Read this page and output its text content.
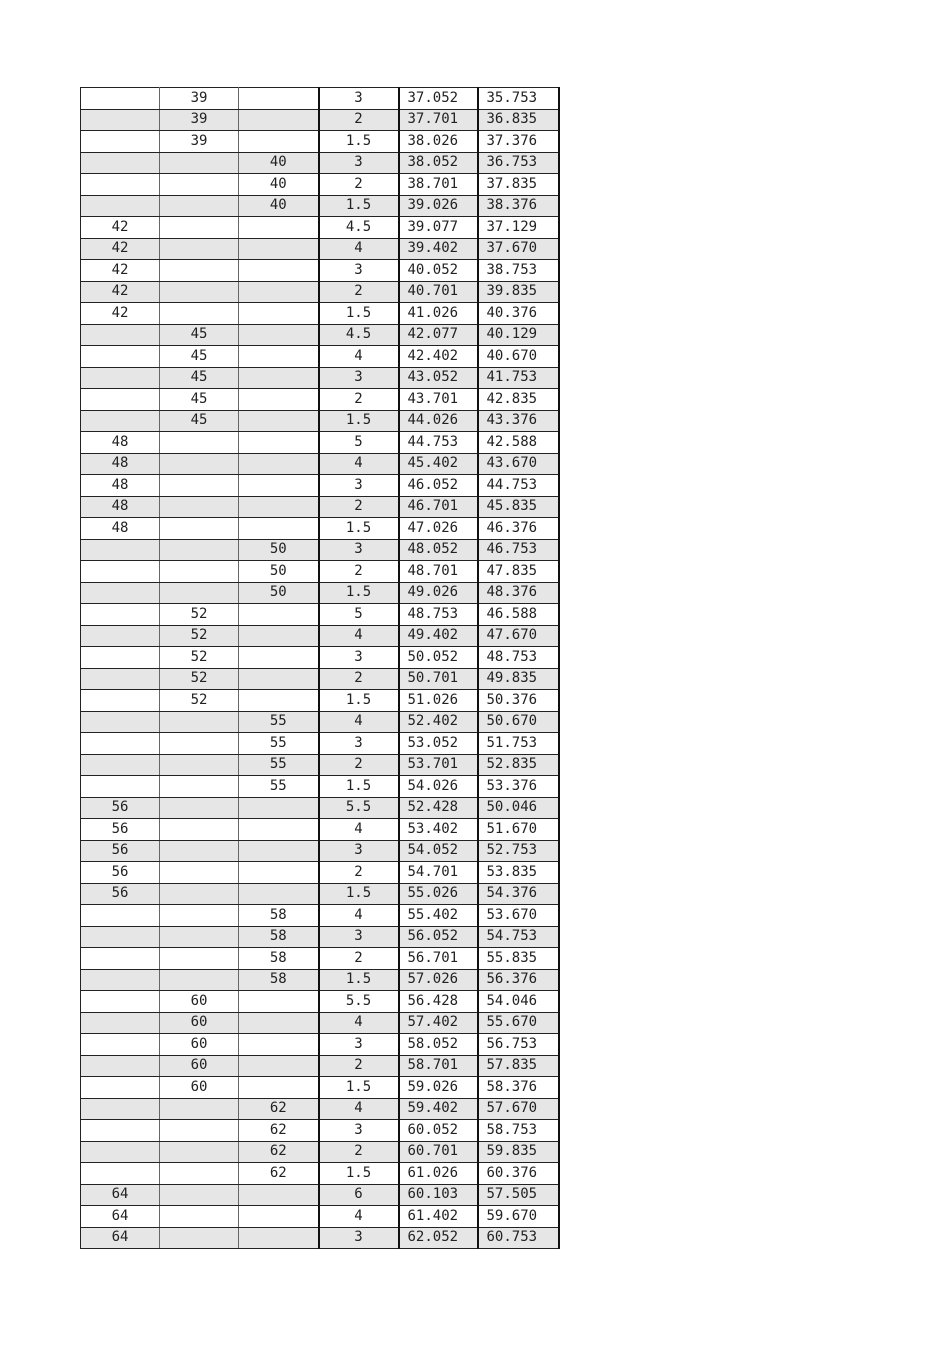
	39		3	37.052	35.753
	39		2	37.701	36.835
	39		1.5	38.026	37.376
		40	3	38.052	36.753
		40	2	38.701	37.835
		40	1.5	39.026	38.376
42			4.5	39.077	37.129
42			4	39.402	37.670
42			3	40.052	38.753
42			2	40.701	39.835
42			1.5	41.026	40.376
	45		4.5	42.077	40.129
	45		4	42.402	40.670
	45		3	43.052	41.753
	45		2	43.701	42.835
	45		1.5	44.026	43.376
48			5	44.753	42.588
48			4	45.402	43.670
48			3	46.052	44.753
48			2	46.701	45.835
48			1.5	47.026	46.376
		50	3	48.052	46.753
		50	2	48.701	47.835
		50	1.5	49.026	48.376
	52		5	48.753	46.588
	52		4	49.402	47.670
	52		3	50.052	48.753
	52		2	50.701	49.835
	52		1.5	51.026	50.376
		55	4	52.402	50.670
		55	3	53.052	51.753
		55	2	53.701	52.835
		55	1.5	54.026	53.376
56			5.5	52.428	50.046
56			4	53.402	51.670
56			3	54.052	52.753
56			2	54.701	53.835
56			1.5	55.026	54.376
		58	4	55.402	53.670
		58	3	56.052	54.753
		58	2	56.701	55.835
		58	1.5	57.026	56.376
	60		5.5	56.428	54.046
	60		4	57.402	55.670
	60		3	58.052	56.753
	60		2	58.701	57.835
	60		1.5	59.026	58.376
		62	4	59.402	57.670
		62	3	60.052	58.753
		62	2	60.701	59.835
		62	1.5	61.026	60.376
64			6	60.103	57.505
64			4	61.402	59.670
64			3	62.052	60.753
